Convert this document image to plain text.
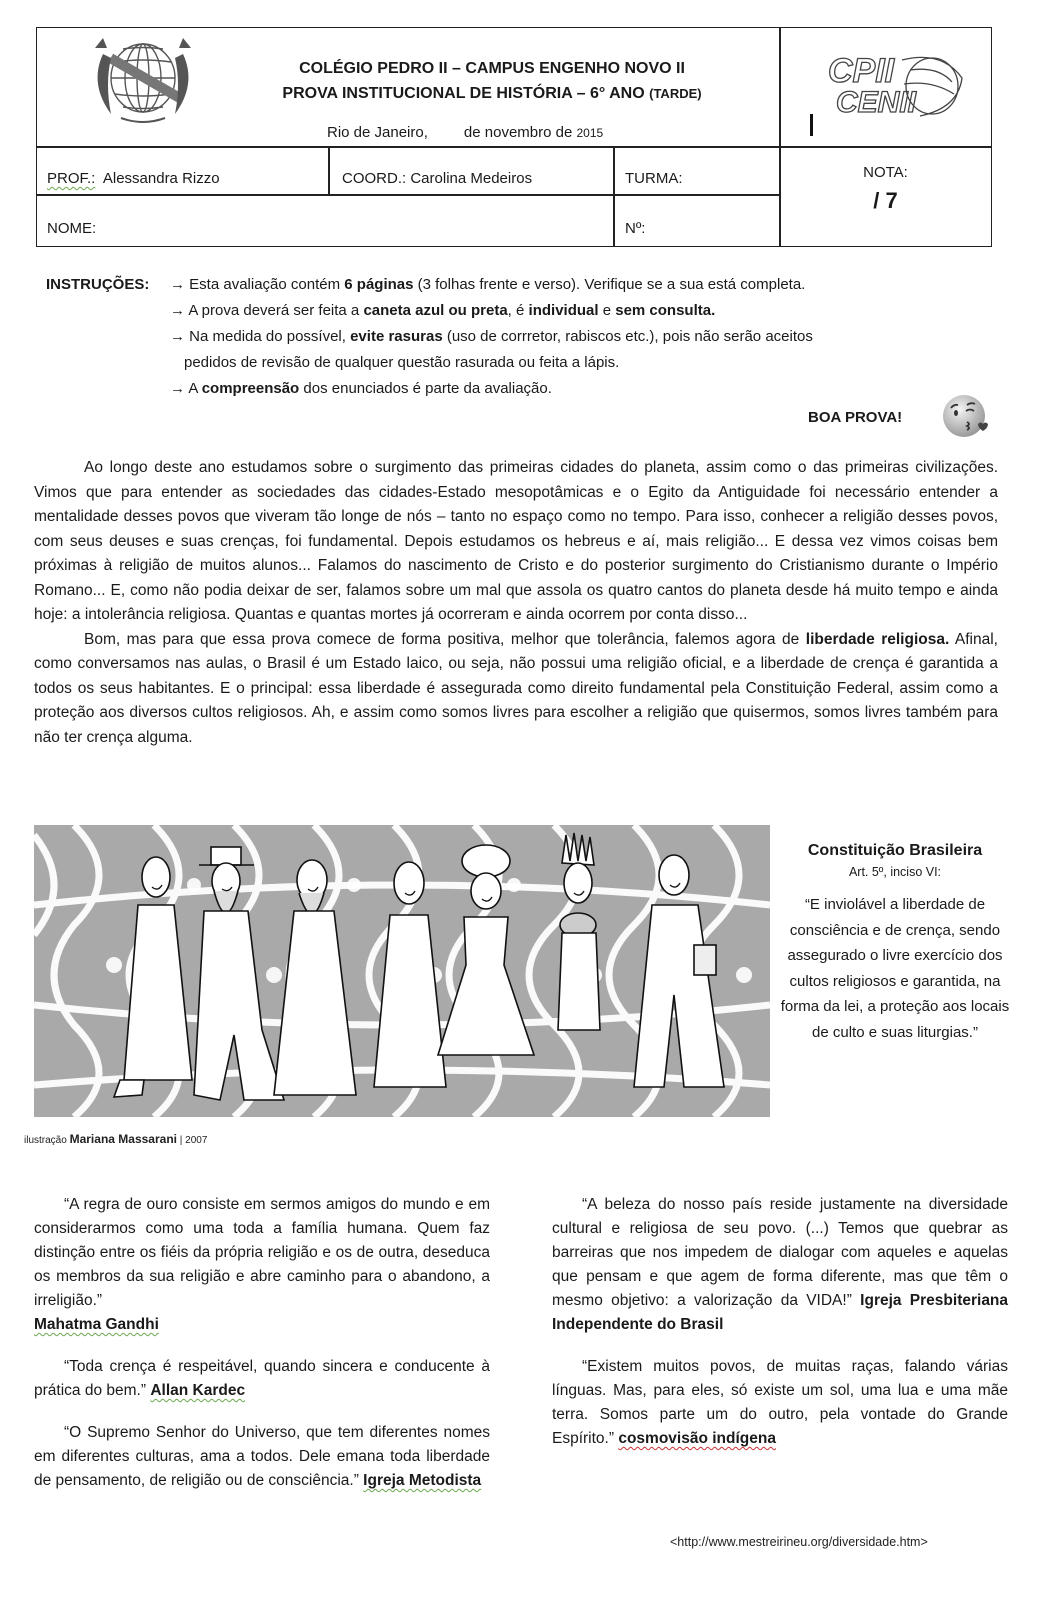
COLÉGIO PEDRO II – CAMPUS ENGENHO NOVO II
PROVA INSTITUCIONAL DE HISTÓRIA – 6° ANO (TARDE)
Rio de Janeiro, de novembro de 2015
CPII
CENII
PROF.: Alessandra Rizzo	COORD.: Carolina Medeiros	TURMA:
NOME:	Nº:
NOTA:
/ 7
INSTRUÇÕES: → Esta avaliação contém 6 páginas (3 folhas frente e verso). Verifique se a sua está completa.
→ A prova deverá ser feita a caneta azul ou preta, é individual e sem consulta.
→ Na medida do possível, evite rasuras (uso de corrretor, rabiscos etc.), pois não serão aceitos
pedidos de revisão de qualquer questão rasurada ou feita a lápis.
→ A compreensão dos enunciados é parte da avaliação.
BOA PROVA!

Ao longo deste ano estudamos sobre o surgimento das primeiras cidades do planeta, assim como o das primeiras civilizações. Vimos que para entender as sociedades das cidades-Estado mesopotâmicas e o Egito da Antiguidade foi necessário entender a mentalidade desses povos que viveram tão longe de nós – tanto no espaço como no tempo. Para isso, conhecer a religião desses povos, com seus deuses e suas crenças, foi fundamental. Depois estudamos os hebreus e aí, mais religião... E dessa vez vimos coisas bem próximas à religião de muitos alunos... Falamos do nascimento de Cristo e do posterior surgimento do Cristianismo durante o Império Romano... E, como não podia deixar de ser, falamos sobre um mal que assola os quatro cantos do planeta desde há muito tempo e ainda hoje: a intolerância religiosa. Quantas e quantas mortes já ocorreram e ainda ocorrem por conta disso...

Bom, mas para que essa prova comece de forma positiva, melhor que tolerância, falemos agora de liberdade religiosa. Afinal, como conversamos nas aulas, o Brasil é um Estado laico, ou seja, não possui uma religião oficial, e a liberdade de crença é garantida a todos os seus habitantes. E o principal: essa liberdade é assegurada como direito fundamental pela Constituição Federal, assim como a proteção aos diversos cultos religiosos. Ah, e assim como somos livres para escolher a religião que quisermos, somos livres também para não ter crença alguma.

ilustração Mariana Massarani | 2007
Constituição Brasileira
Art. 5º, inciso VI:
“E inviolável a liberdade de consciência e de crença, sendo assegurado o livre exercício dos cultos religiosos e garantida, na forma da lei, a proteção aos locais de culto e suas liturgias.”

“A regra de ouro consiste em sermos amigos do mundo e em considerarmos como uma toda a família humana. Quem faz distinção entre os fiéis da própria religião e os de outra, deseduca os membros da sua religião e abre caminho para o abandono, a irreligião.”
Mahatma Gandhi

“Toda crença é respeitável, quando sincera e conducente à prática do bem.” Allan Kardec

“O Supremo Senhor do Universo, que tem diferentes nomes em diferentes culturas, ama a todos. Dele emana toda liberdade de pensamento, de religião ou de consciência.” Igreja Metodista

“A beleza do nosso país reside justamente na diversidade cultural e religiosa de seu povo. (...) Temos que quebrar as barreiras que nos impedem de dialogar com aqueles e aquelas que pensam e que agem de forma diferente, mas que têm o mesmo objetivo: a valorização da VIDA!” Igreja Presbiteriana Independente do Brasil

“Existem muitos povos, de muitas raças, falando várias línguas. Mas, para eles, só existe um sol, uma lua e uma mãe terra. Somos parte um do outro, pela vontade do Grande Espírito.” cosmovisão indígena

<http://www.mestreirineu.org/diversidade.htm>
